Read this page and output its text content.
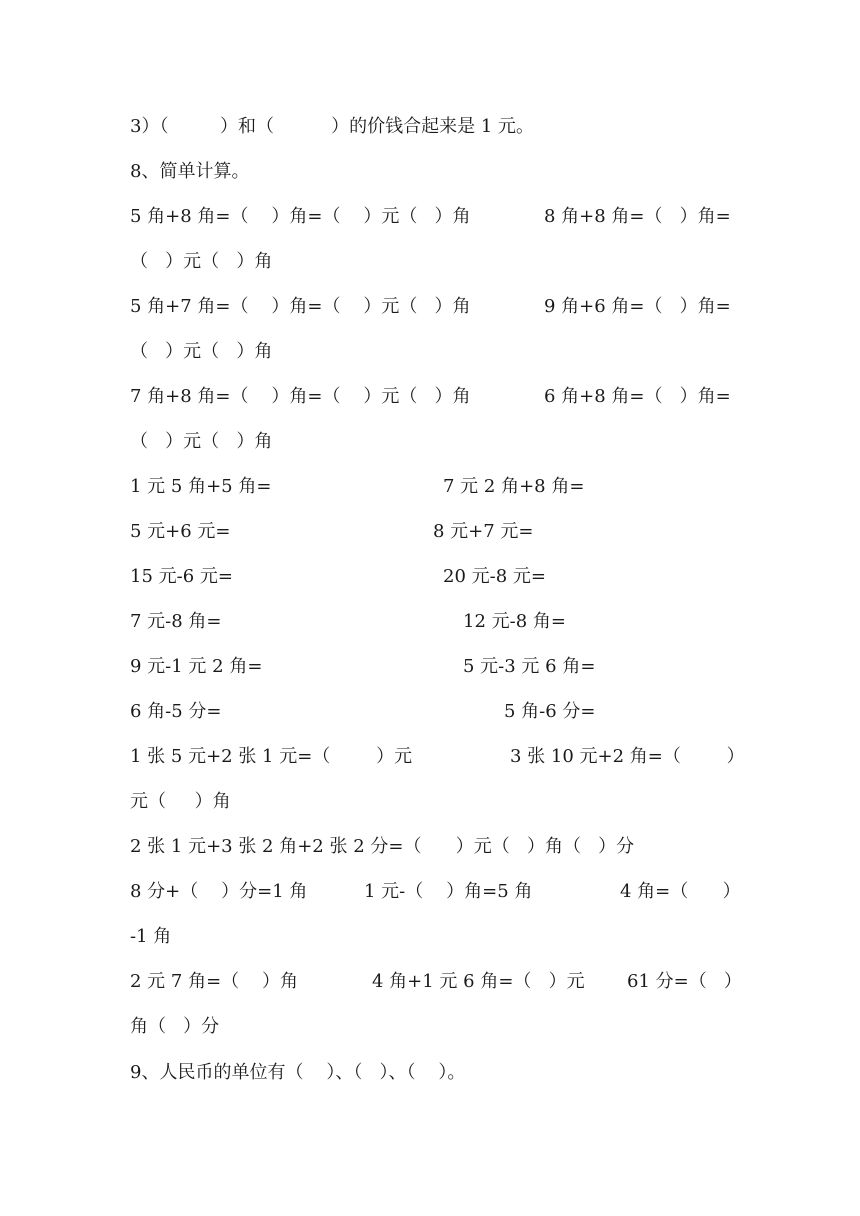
3）（         ）和（          ）的价钱合起来是 1 元。

8、简单计算。

5 角+8 角=（    ）角=（    ）元（   ）角

	8 角+8 角=（   ）角=

（   ）元（   ）角

5 角+7 角=（    ）角=（    ）元（   ）角

	9 角+6 角=（   ）角=

（   ）元（   ）角

7 角+8 角=（    ）角=（    ）元（   ）角

	6 角+8 角=（   ）角=

（   ）元（   ）角

1 元 5 角+5 角=

	7 元 2 角+8 角=

5 元+6 元=

	8 元+7 元=

15 元-6 元=

	20 元-8 元=

7 元-8 角=

	12 元-8 角=

9 元-1 元 2 角=

	5 元-3 元 6 角=

6 角-5 分=

	5 角-6 分=

1 张 5 元+2 张 1 元=（        ）元

	3 张 10 元+2 角=（        ）

元（     ）角

2 张 1 元+3 张 2 角+2 张 2 分=（      ）元（   ）角（   ）分

8 分+（    ）分=1 角

	1 元-（    ）角=5 角

	4 角=（      ）

-1 角

2 元 7 角=（    ）角

	4 角+1 元 6 角=（   ）元

61 分=（   ）

角（   ）分

9、人民币的单位有（    ）、（   ）、（    ）。
